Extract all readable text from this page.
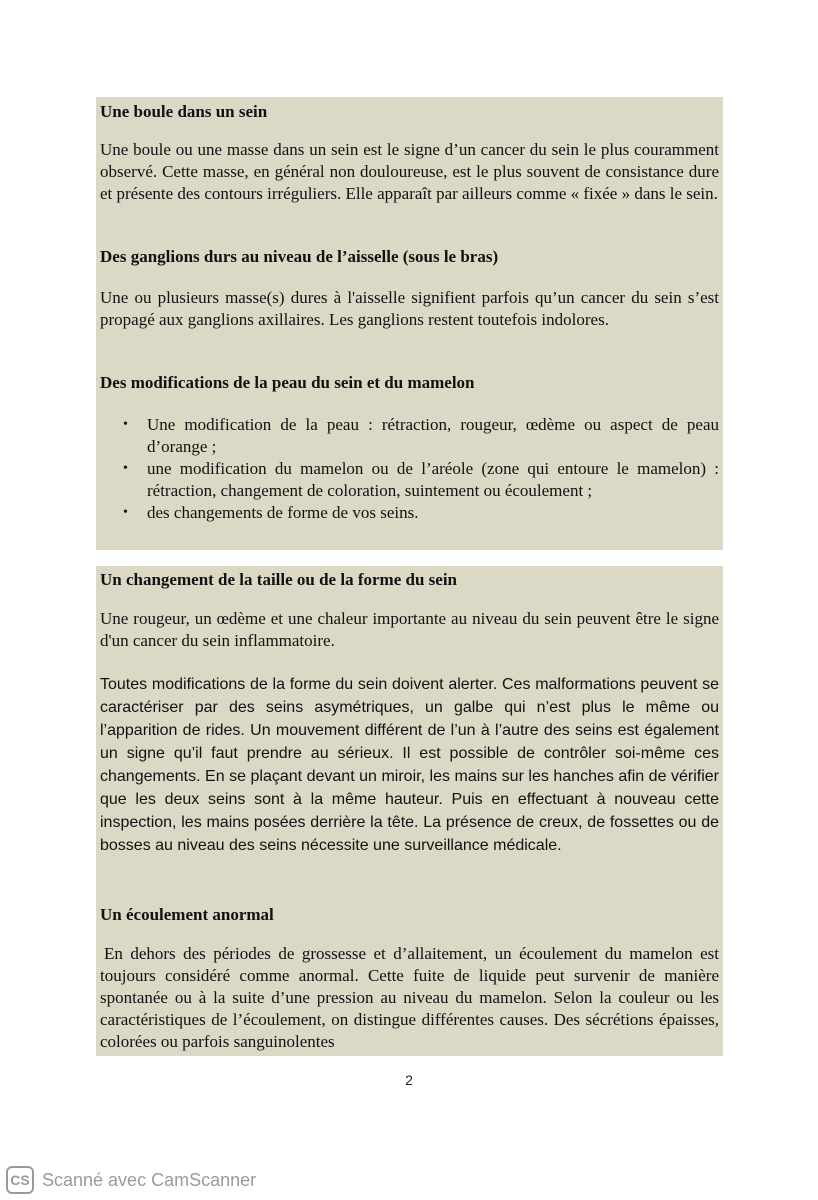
Une boule dans un sein
Une boule ou une masse dans un sein est le signe d’un cancer du sein le plus couramment observé. Cette masse, en général non douloureuse, est le plus souvent de consistance dure et présente des contours irréguliers. Elle apparaît par ailleurs comme « fixée » dans le sein.
Des ganglions durs au niveau de l’aisselle (sous le bras)
Une ou plusieurs masse(s) dures à l'aisselle signifient parfois qu’un cancer du sein s’est propagé aux ganglions axillaires. Les ganglions restent toutefois indolores.
Des modifications de la peau du sein et du mamelon
• Une modification de la peau : rétraction, rougeur, œdème ou aspect de peau d’orange ;
• une modification du mamelon ou de l’aréole (zone qui entoure le mamelon) : rétraction, changement de coloration, suintement ou écoulement ;
• des changements de forme de vos seins.
Un changement de la taille ou de la forme du sein
Une rougeur, un œdème et une chaleur importante au niveau du sein peuvent être le signe d'un cancer du sein inflammatoire.
Toutes modifications de la forme du sein doivent alerter. Ces malformations peuvent se caractériser par des seins asymétriques, un galbe qui n’est plus le même ou l’apparition de rides. Un mouvement différent de l’un à l’autre des seins est également un signe qu’il faut prendre au sérieux. Il est possible de contrôler soi-même ces changements. En se plaçant devant un miroir, les mains sur les hanches afin de vérifier que les deux seins sont à la même hauteur. Puis en effectuant à nouveau cette inspection, les mains posées derrière la tête. La présence de creux, de fossettes ou de bosses au niveau des seins nécessite une surveillance médicale.
Un écoulement anormal
En dehors des périodes de grossesse et d’allaitement, un écoulement du mamelon est toujours considéré comme anormal. Cette fuite de liquide peut survenir de manière spontanée ou à la suite d’une pression au niveau du mamelon. Selon la couleur ou les caractéristiques de l’écoulement, on distingue différentes causes. Des sécrétions épaisses, colorées ou parfois sanguinolentes
2
CS Scanné avec CamScanner
